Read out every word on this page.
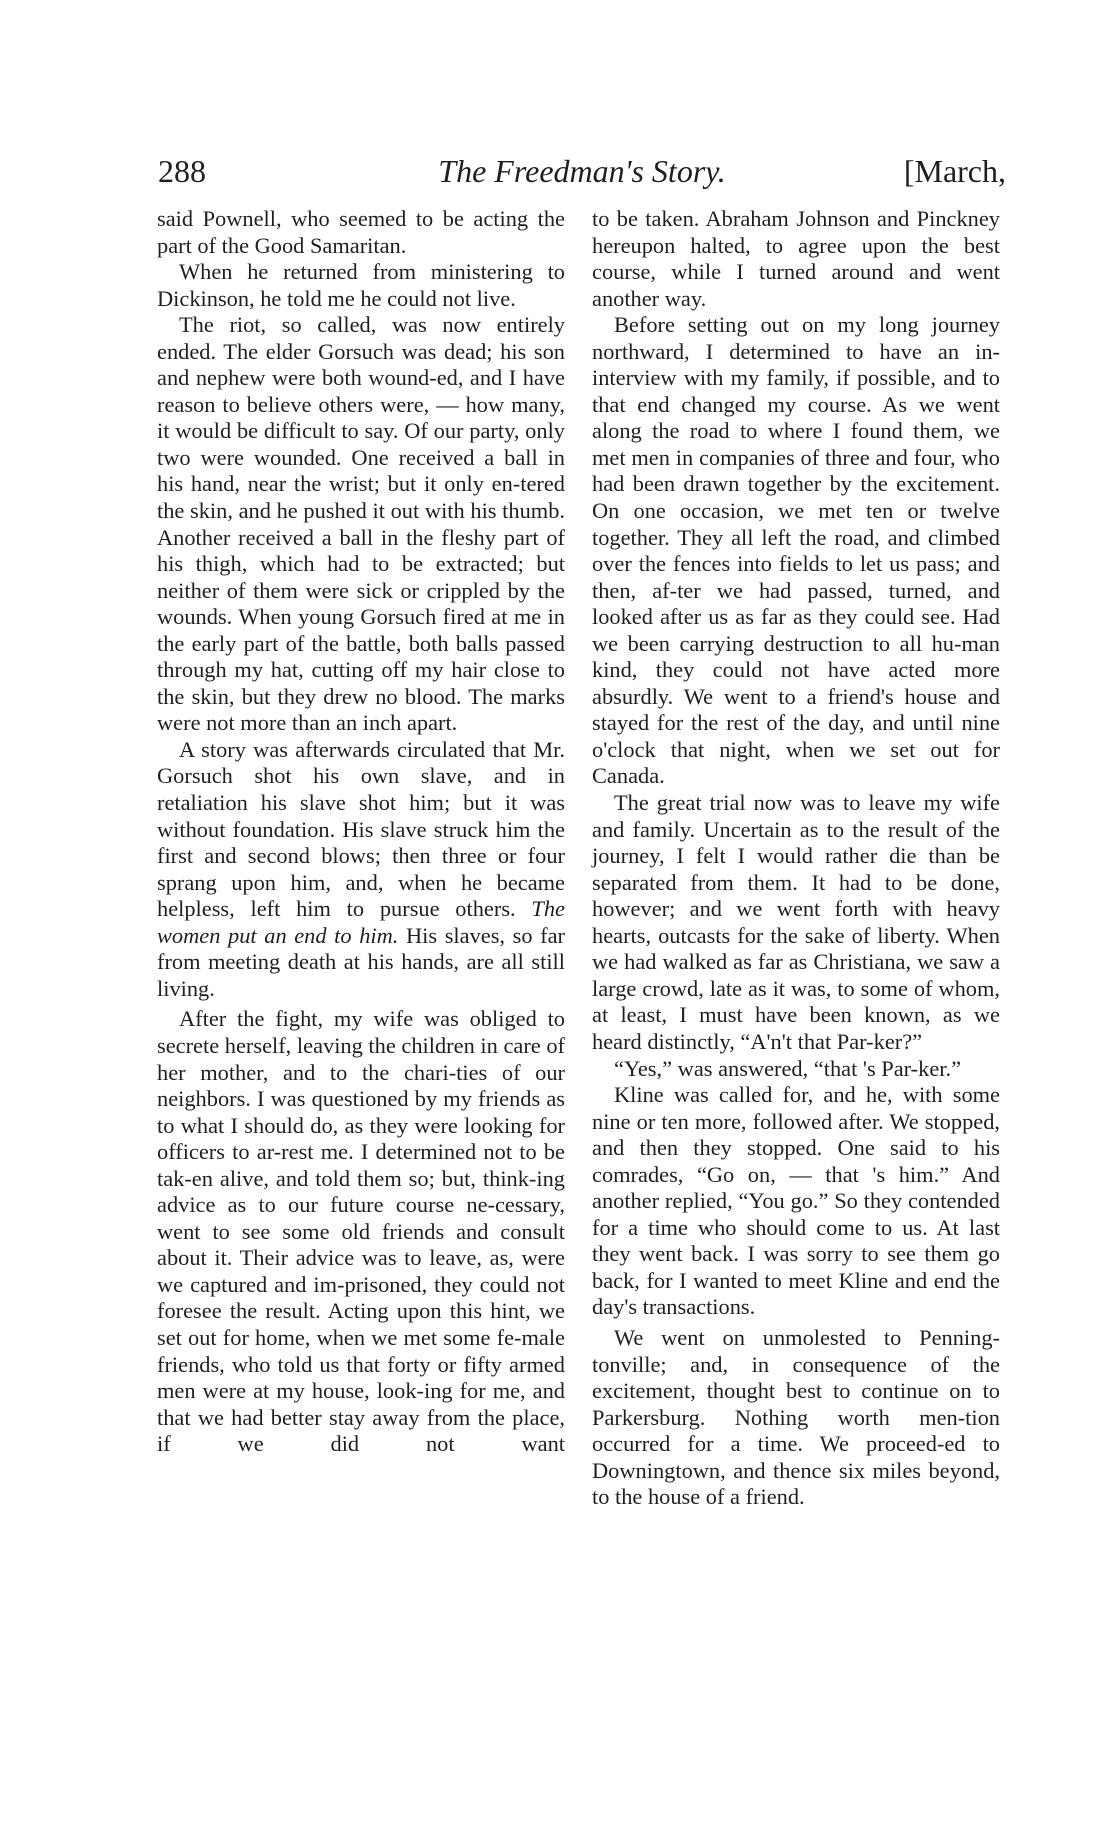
288	The Freedman's Story.	[March,

said Pownell, who seemed to be acting the part of the Good Samaritan.

When he returned from ministering to Dickinson, he told me he could not live.

The riot, so called, was now entirely ended. The elder Gorsuch was dead; his son and nephew were both wound-ed, and I have reason to believe others were, — how many, it would be difficult to say. Of our party, only two were wounded. One received a ball in his hand, near the wrist; but it only en-tered the skin, and he pushed it out with his thumb. Another received a ball in the fleshy part of his thigh, which had to be extracted; but neither of them were sick or crippled by the wounds. When young Gorsuch fired at me in the early part of the battle, both balls passed through my hat, cutting off my hair close to the skin, but they drew no blood. The marks were not more than an inch apart.

A story was afterwards circulated that Mr. Gorsuch shot his own slave, and in retaliation his slave shot him; but it was without foundation. His slave struck him the first and second blows; then three or four sprang upon him, and, when he became helpless, left him to pursue others. The women put an end to him. His slaves, so far from meeting death at his hands, are all still living.

After the fight, my wife was obliged to secrete herself, leaving the children in care of her mother, and to the chari-ties of our neighbors. I was questioned by my friends as to what I should do, as they were looking for officers to ar-rest me. I determined not to be tak-en alive, and told them so; but, think-ing advice as to our future course ne-cessary, went to see some old friends and consult about it. Their advice was to leave, as, were we captured and im-prisoned, they could not foresee the result. Acting upon this hint, we set out for home, when we met some fe-male friends, who told us that forty or fifty armed men were at my house, look-ing for me, and that we had better stay away from the place, if we did not want

to be taken. Abraham Johnson and Pinckney hereupon halted, to agree upon the best course, while I turned around and went another way.

Before setting out on my long journey northward, I determined to have an in-interview with my family, if possible, and to that end changed my course. As we went along the road to where I found them, we met men in companies of three and four, who had been drawn together by the excitement. On one occasion, we met ten or twelve together. They all left the road, and climbed over the fences into fields to let us pass; and then, af-ter we had passed, turned, and looked after us as far as they could see. Had we been carrying destruction to all hu-man kind, they could not have acted more absurdly. We went to a friend's house and stayed for the rest of the day, and until nine o'clock that night, when we set out for Canada.

The great trial now was to leave my wife and family. Uncertain as to the result of the journey, I felt I would rather die than be separated from them. It had to be done, however; and we went forth with heavy hearts, outcasts for the sake of liberty. When we had walked as far as Christiana, we saw a large crowd, late as it was, to some of whom, at least, I must have been known, as we heard distinctly, “A'n't that Par-ker?”

“Yes,” was answered, “that 's Par-ker.”

Kline was called for, and he, with some nine or ten more, followed after. We stopped, and then they stopped. One said to his comrades, “Go on, — that 's him.” And another replied, “You go.” So they contended for a time who should come to us. At last they went back. I was sorry to see them go back, for I wanted to meet Kline and end the day's transactions.

We went on unmolested to Penning-tonville; and, in consequence of the excitement, thought best to continue on to Parkersburg. Nothing worth men-tion occurred for a time. We proceed-ed to Downingtown, and thence six miles beyond, to the house of a friend.
